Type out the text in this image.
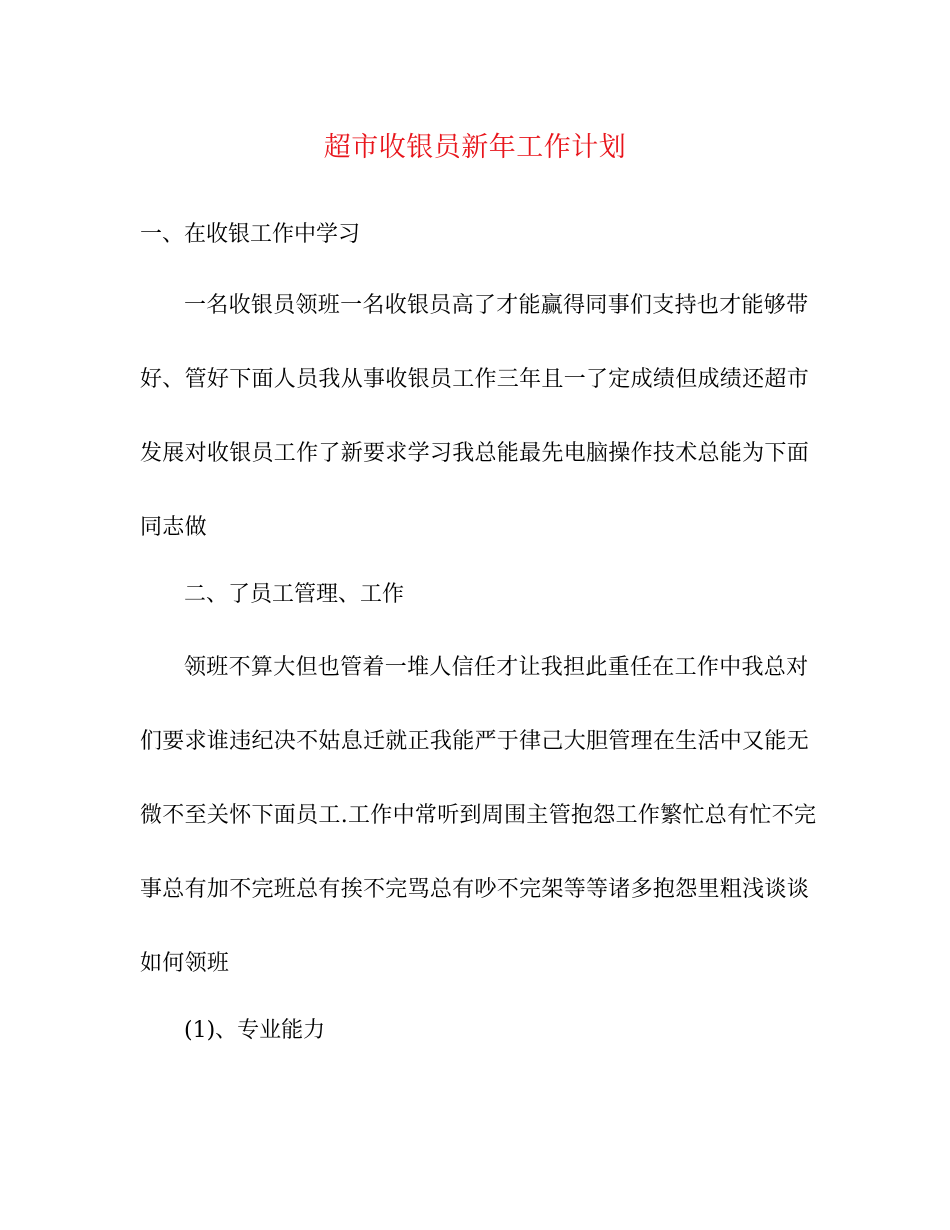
超市收银员新年工作计划
一、在收银工作中学习

一名收银员领班一名收银员高了才能赢得同事们支持也才能够带好、管好下面人员我从事收银员工作三年且一了定成绩但成绩还超市发展对收银员工作了新要求学习我总能最先电脑操作技术总能为下面同志做

二、了员工管理、工作

领班不算大但也管着一堆人信任才让我担此重任在工作中我总对们要求谁违纪决不姑息迁就正我能严于律己大胆管理在生活中又能无微不至关怀下面员工.工作中常听到周围主管抱怨工作繁忙总有忙不完事总有加不完班总有挨不完骂总有吵不完架等等诸多抱怨里粗浅谈谈如何领班

(1)、专业能力
